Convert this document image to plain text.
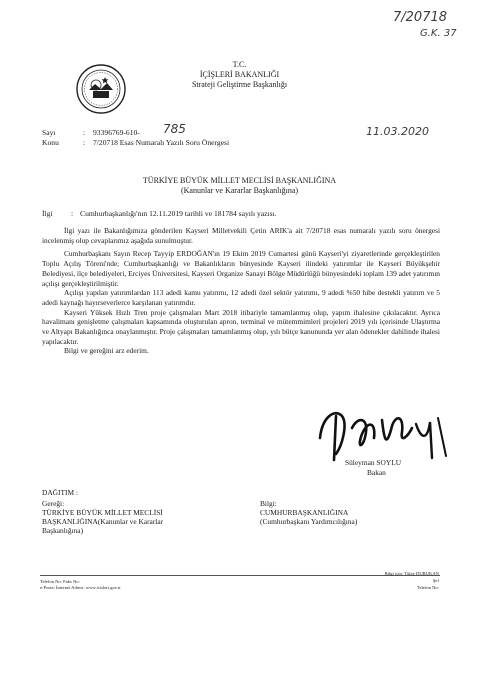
7/20718
G.K. 37
T.C.
İÇİŞLERİ BAKANLIĞI
Strateji Geliştirme Başkanlığı
Sayı	: 93396769-610- 785	11.03.2020
Konu	: 7/20718 Esas Numaralı Yazılı Soru Önergesi
TÜRKİYE BÜYÜK MİLLET MECLİSİ BAŞKANLIĞINA
(Kanunlar ve Kararlar Başkanlığına)
İlgi : Cumhurbaşkanlığı'nın 12.11.2019 tarihli ve 181784 sayılı yazısı.

İlgi yazı ile Bakanlığımıza gönderilen Kayseri Milletvekili Çetin ARIK'a ait 7/20718 esas numaralı yazılı soru önergesi incelenmiş olup cevaplarımız aşağıda sunulmuştur.

Cumhurbaşkanı Sayın Recep Tayyip ERDOĞAN'ın 19 Ekim 2019 Cumartesi günü Kayseri'yi ziyaretlerinde gerçekleştirilen Toplu Açılış Töreni'nde; Cumhurbaşkanlığı ve Bakanlıkların bünyesinde Kayseri ilindeki yatırımlar ile Kayseri Büyükşehir Belediyesi, ilçe belediyeleri, Erciyes Üniversitesi, Kayseri Organize Sanayi Bölge Müdürlüğü bünyesindeki toplam 139 adet yatırımın açılışı gerçekleştirilmiştir.

Açılışı yapılan yatırımlardan 113 adedi kamu yatırımı, 12 adedi özel sektör yatırımı, 9 adedi %50 hibe destekli yatırım ve 5 adedi kaynağı hayırseverlerce karşılanan yatırımdır.

Kayseri Yüksek Hızlı Tren proje çalışmaları Mart 2018 itibariyle tamamlanmış olup, yapım ihalesine çıkılacaktır. Ayrıca havalimanı genişletme çalışmaları kapsamında oluşturulan apron, terminal ve mütemmimleri projeleri 2019 yılı içerisinde Ulaştırma ve Altyapı Bakanlığınca onaylanmıştır. Proje çalışmaları tamamlanmış olup, yılı bütçe kanununda yer alan ödenekler dahilinde ihalesi yapılacaktır.

Bilgi ve gereğini arz ederim.

Süleyman SOYLU
Bakan
DAĞITIM :
Gereği:
TÜRKİYE BÜYÜK MİLLET MECLİSİ
BAŞKANLIĞINA(Kanunlar ve Kararlar
Başkanlığına)
Bilgi:
CUMHURBAŞKANLIĞINA
(Cumhurbaşkanı Yardımcılığına)
Telefon No: Faks No:
e-Posta: İnternet Adresi: www.icisleri.gov.tr
Bilgi için: Tülay DURUKAN
Şef
Telefon No:
